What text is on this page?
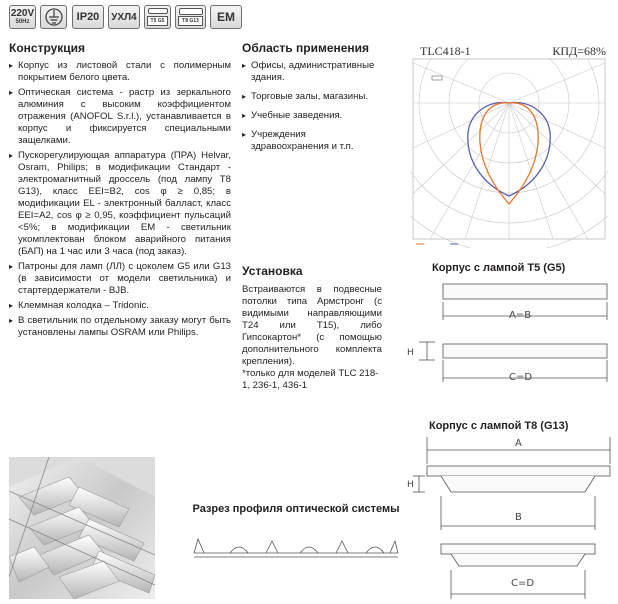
220V
50Hz	IP20 УХЛ4	T5 G5	T8 G13	EM
Конструкция
▸ Корпус из листовой стали с полимерным покрытием белого цвета.
▸ Оптическая система - растр из зеркального алюминия с высоким коэффициентом отражения (ANOFOL S.r.l.), устанавливается в корпус и фиксируется специальными защелками.
▸ Пускорегулирующая аппаратура (ПРА) Helvar, Osram, Philips; в модификации Стандарт - электромагнитный дроссель (под лампу T8 G13), класс EEI=B2, cos φ ≥ 0,85; в модификации EL - электронный балласт, класс EEI=A2, cos φ ≥ 0,95, коэффициент пульсаций <5%; в модификации EM - светильник укомплектован блоком аварийного питания (БАП) на 1 час или 3 часа (под заказ).
▸ Патроны для ламп (ЛЛ) с цоколем G5 или G13 (в зависимости от модели светильника) и стартердержатели - BJB.
▸ Клеммная колодка – Tridonic.
▸ В светильник по отдельному заказу могут быть установлены лампы OSRAM или Philips.
Область применения
▸ Офисы, административные здания.
▸ Торговые залы, магазины.
▸ Учебные заведения.
▸ Учреждения здравоохранения и т.п.
Установка

Встраиваются в подвесные потолки типа Армстронг (с видимыми направляющими T24 или T15), либо Гипсокартон* (с помощью дополнительного комплекта крепления).

*только для моделей TLC 218-1, 236-1, 436-1

TLC418-1	КПД=68%
Корпус с лампой T5 (G5)
A=B
H
C=D
Корпус с лампой T8 (G13)
A
H
B
C=D
Разрез профиля оптической системы
